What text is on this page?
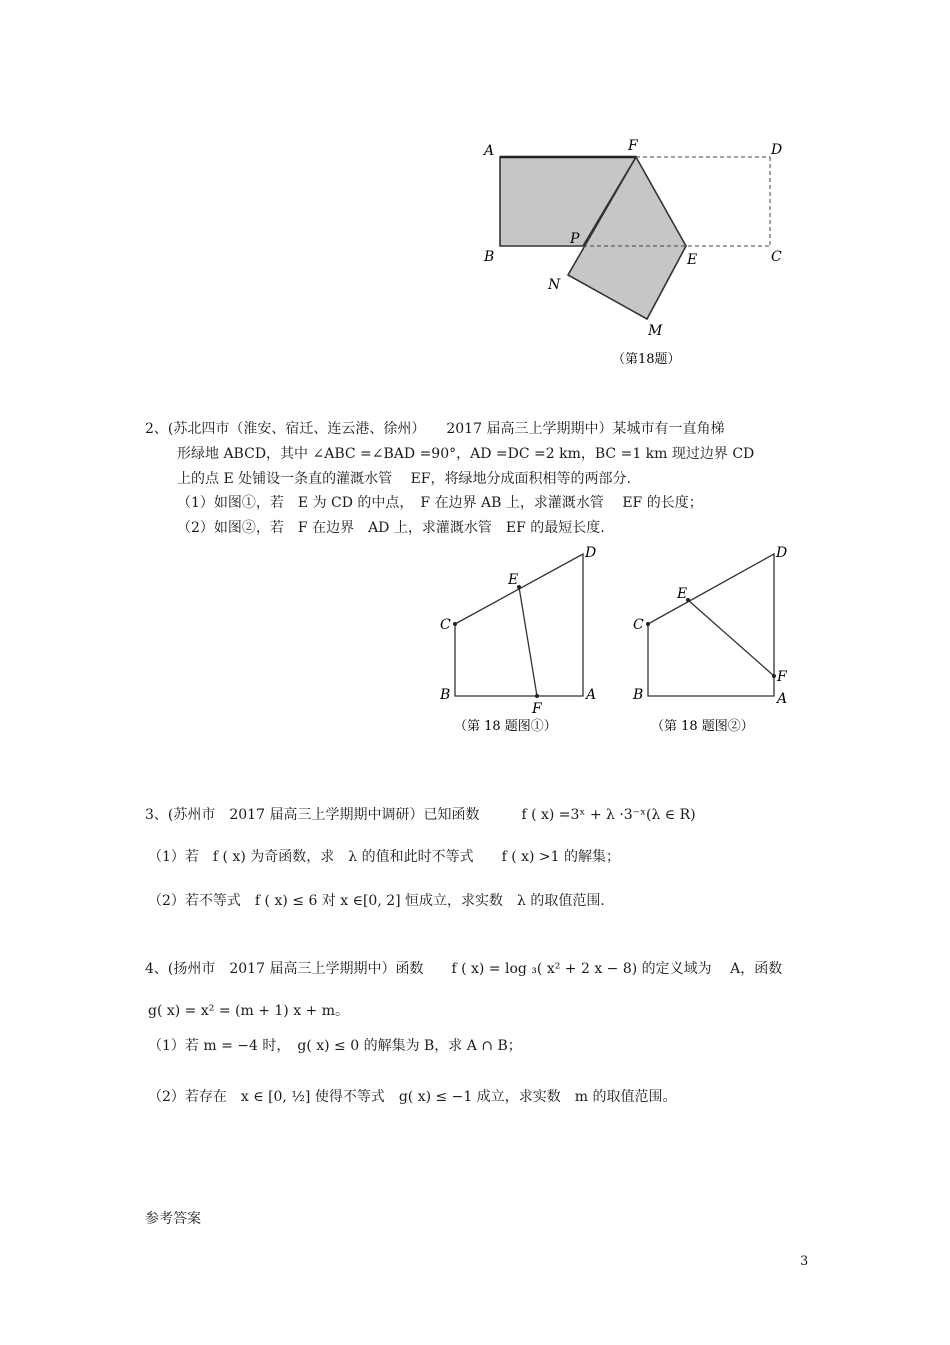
A	F	D
B
P
E	C
N
M
（第18题）
2、(苏北四市（淮安、宿迁、连云港、徐州）　　2017 届高三上学期期中）某城市有一直角梯
形绿地 ABCD，其中 ∠ABC =∠BAD =90°，AD =DC =2 km，BC =1 km 现过边界 CD
上的点 E 处铺设一条直的灌溉水管　 EF，将绿地分成面积相等的两部分.
（1）如图①，若　E 为 CD 的中点，　F 在边界 AB 上，求灌溉水管　 EF 的长度；
（2）如图②，若　F 在边界　AD 上，求灌溉水管　EF 的最短长度.
D
E
C
B	A
F
（第 18 题图①）
D
E
C
B	A
F
（第 18 题图②）
3、(苏州市　2017 届高三上学期期中调研）已知函数　　　f ( x) =3ˣ + λ ·3⁻ˣ(λ ∈ R)
（1）若　f ( x) 为奇函数，求　λ 的值和此时不等式　　f ( x) >1 的解集；
（2）若不等式　f ( x) ≤ 6 对 x ∈[0, 2] 恒成立，求实数　λ 的取值范围.
4、(扬州市　2017 届高三上学期期中）函数　　f ( x) = log ₃( x² + 2 x − 8) 的定义域为　 A，函数
g( x) = x² = (m + 1) x + m。
（1）若 m = −4 时，　g( x) ≤ 0 的解集为 B，求 A ∩ B；
（2）若存在　x ∈ [0, ½] 使得不等式　g( x) ≤ −1 成立，求实数　m 的取值范围。
参考答案
3
